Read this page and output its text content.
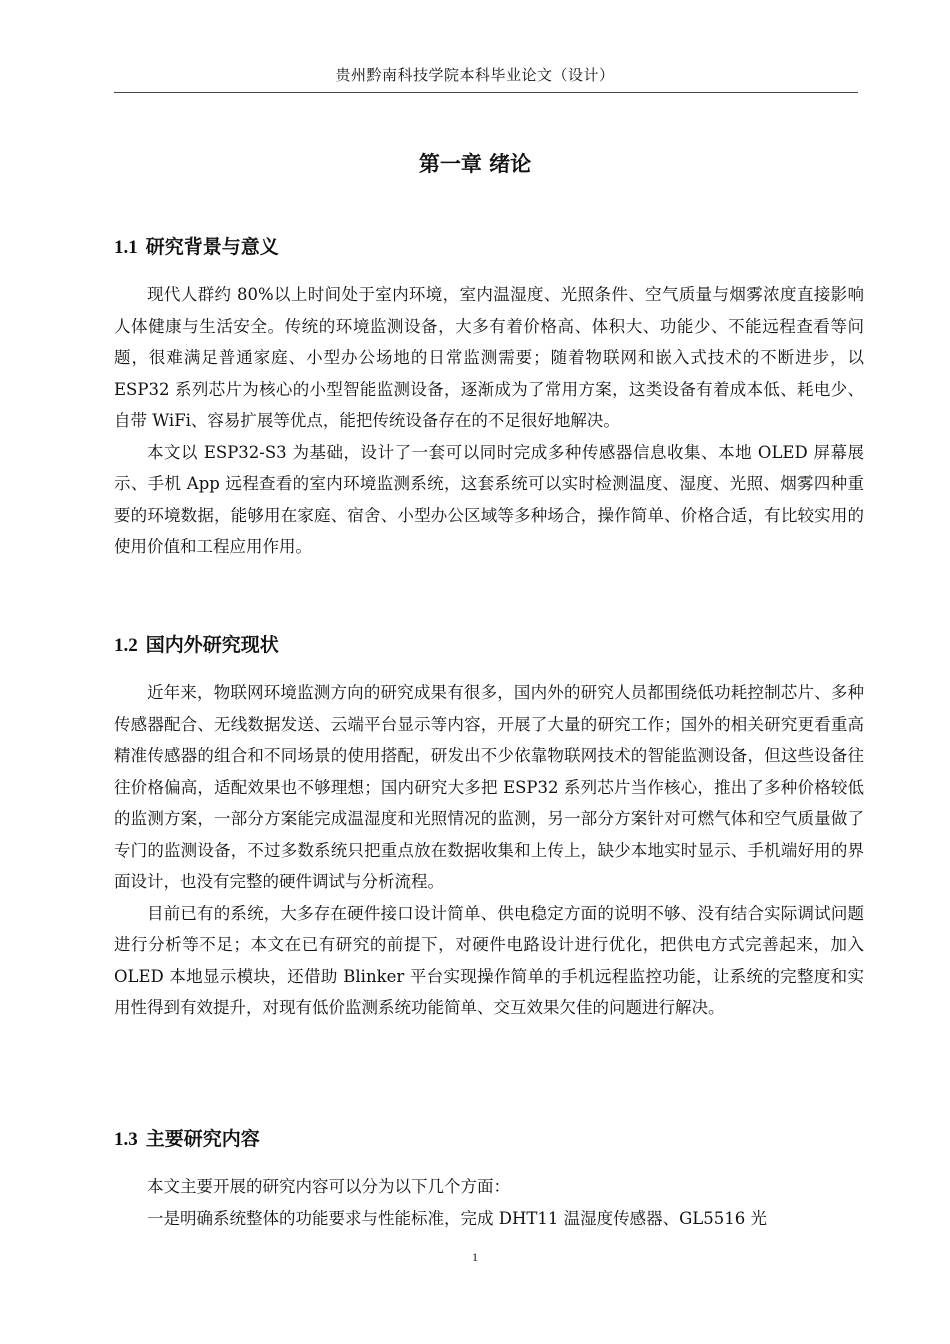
贵州黔南科技学院本科毕业论文（设计）
第一章 绪论
1.1 研究背景与意义

现代人群约 80%以上时间处于室内环境，室内温湿度、光照条件、空气质量与烟雾浓度直接影响人体健康与生活安全。传统的环境监测设备，大多有着价格高、体积大、功能少、不能远程查看等问题，很难满足普通家庭、小型办公场地的日常监测需要；随着物联网和嵌入式技术的不断进步，以 ESP32 系列芯片为核心的小型智能监测设备，逐渐成为了常用方案，这类设备有着成本低、耗电少、自带 WiFi、容易扩展等优点，能把传统设备存在的不足很好地解决。

本文以 ESP32-S3 为基础，设计了一套可以同时完成多种传感器信息收集、本地 OLED 屏幕展示、手机 App 远程查看的室内环境监测系统，这套系统可以实时检测温度、湿度、光照、烟雾四种重要的环境数据，能够用在家庭、宿舍、小型办公区域等多种场合，操作简单、价格合适，有比较实用的使用价值和工程应用作用。

1.2 国内外研究现状

近年来，物联网环境监测方向的研究成果有很多，国内外的研究人员都围绕低功耗控制芯片、多种传感器配合、无线数据发送、云端平台显示等内容，开展了大量的研究工作；国外的相关研究更看重高精准传感器的组合和不同场景的使用搭配，研发出不少依靠物联网技术的智能监测设备，但这些设备往往价格偏高，适配效果也不够理想；国内研究大多把 ESP32 系列芯片当作核心，推出了多种价格较低的监测方案，一部分方案能完成温湿度和光照情况的监测，另一部分方案针对可燃气体和空气质量做了专门的监测设备，不过多数系统只把重点放在数据收集和上传上，缺少本地实时显示、手机端好用的界面设计，也没有完整的硬件调试与分析流程。

目前已有的系统，大多存在硬件接口设计简单、供电稳定方面的说明不够、没有结合实际调试问题进行分析等不足；本文在已有研究的前提下，对硬件电路设计进行优化，把供电方式完善起来，加入 OLED 本地显示模块，还借助 Blinker 平台实现操作简单的手机远程监控功能，让系统的完整度和实用性得到有效提升，对现有低价监测系统功能简单、交互效果欠佳的问题进行解决。

1.3 主要研究内容

本文主要开展的研究内容可以分为以下几个方面：

一是明确系统整体的功能要求与性能标准，完成 DHT11 温湿度传感器、GL5516 光

1
